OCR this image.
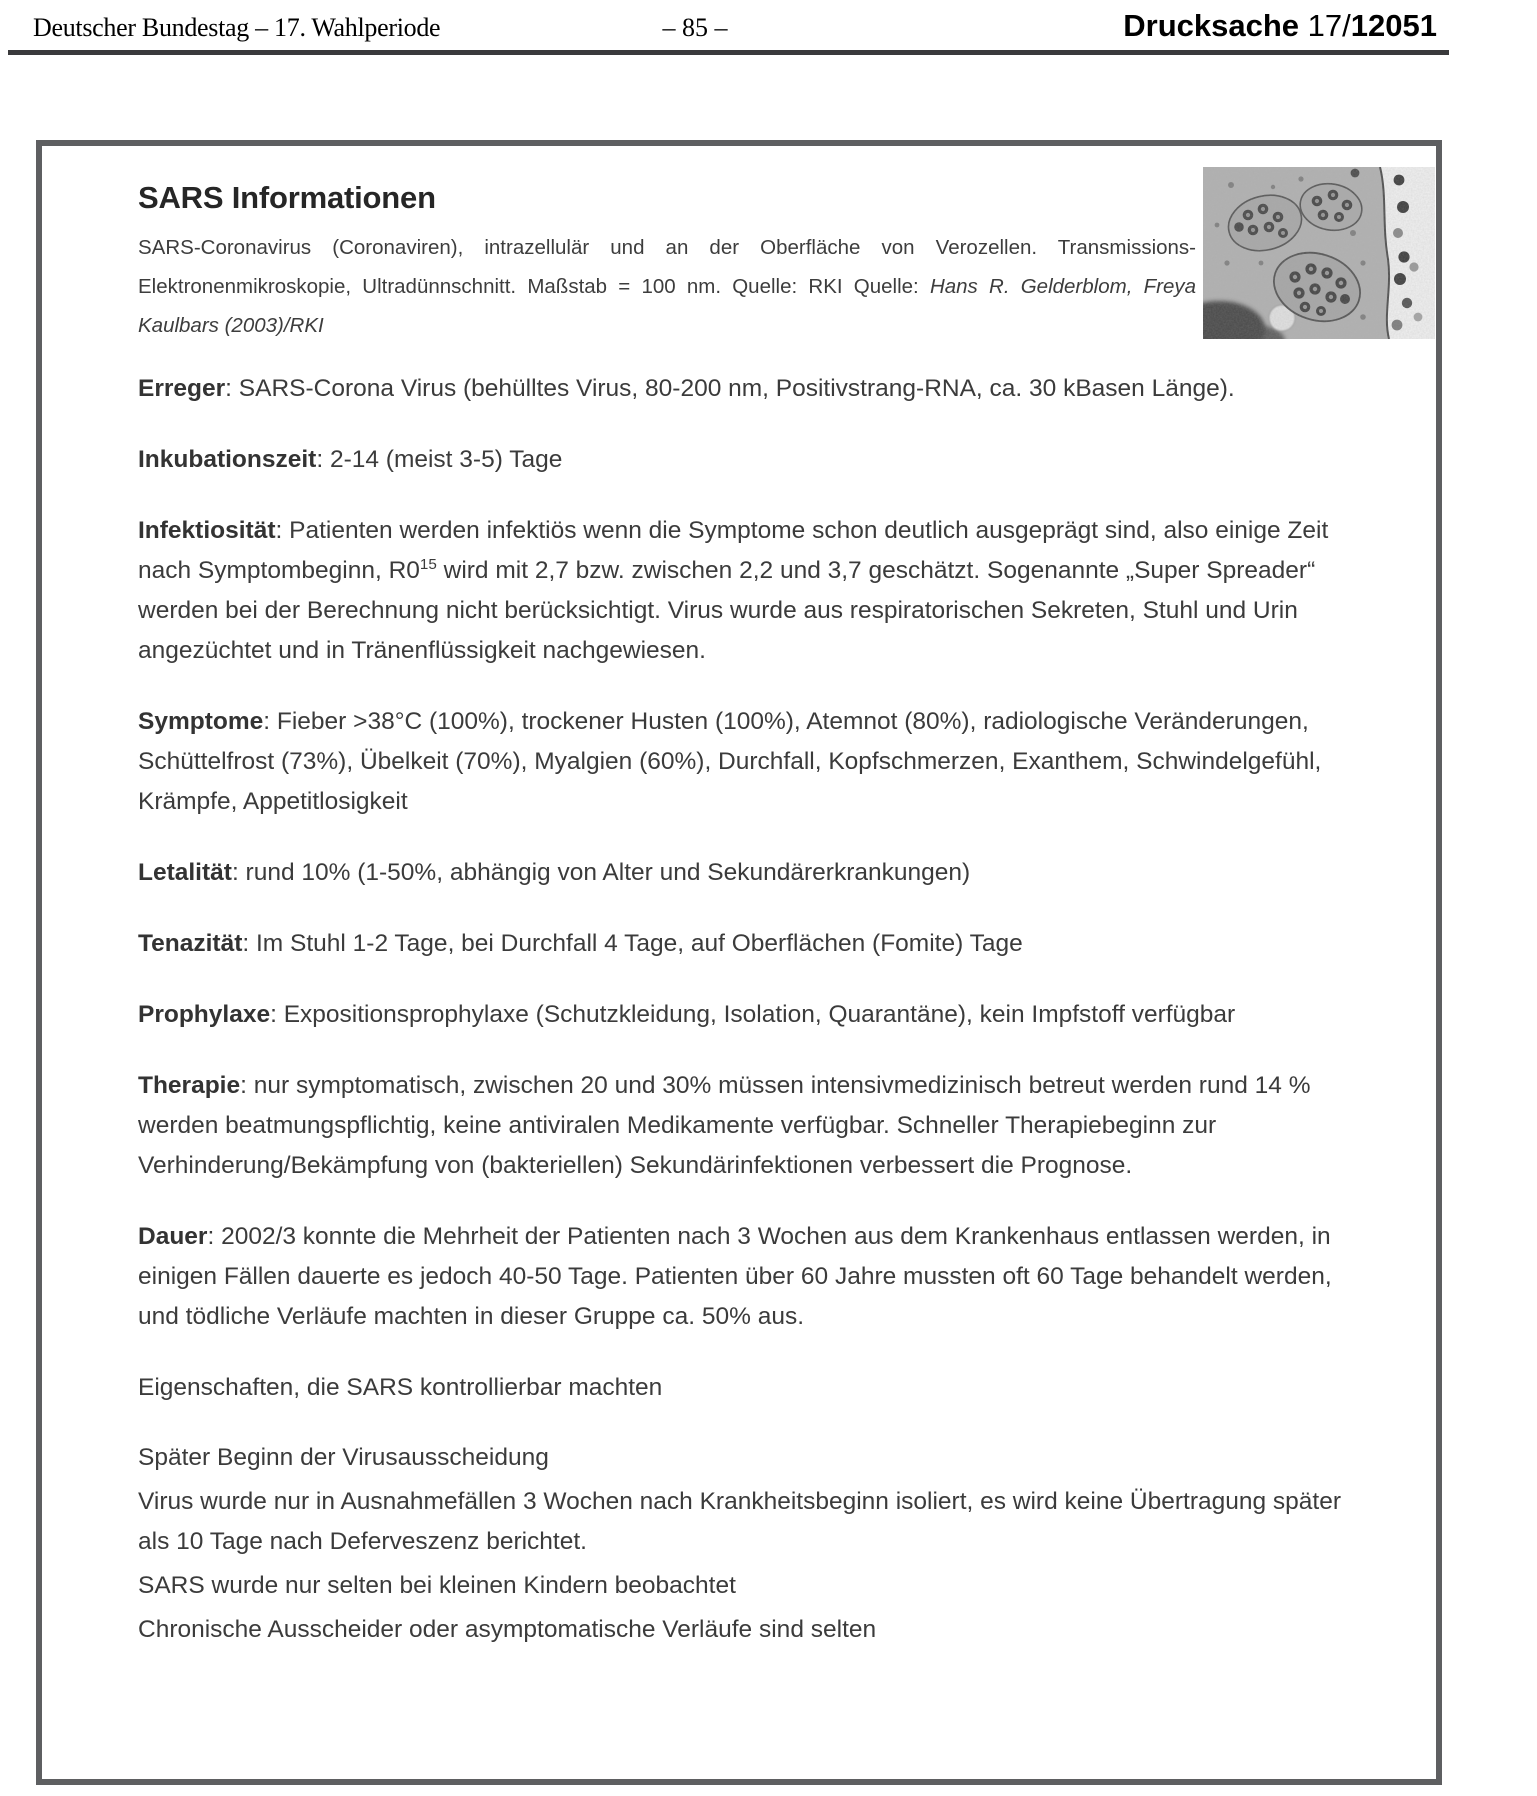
Deutscher Bundestag – 17. Wahlperiode	– 85 –	Drucksache 17/12051
SARS Informationen

SARS-Coronavirus (Coronaviren), intrazellulär und an der Oberfläche von Verozellen. Transmissions-Elektronenmikroskopie, Ultradünnschnitt. Maßstab = 100 nm. Quelle: RKI Quelle: Hans R. Gelderblom, Freya Kaulbars (2003)/RKI

Erreger: SARS-Corona Virus (behülltes Virus, 80-200 nm, Positivstrang-RNA, ca. 30 kBasen Länge).

Inkubationszeit: 2-14 (meist 3-5) Tage

Infektiosität: Patienten werden infektiös wenn die Symptome schon deutlich ausgeprägt sind, also einige Zeit nach Symptombeginn, $R0^{15}$ wird mit 2,7 bzw. zwischen 2,2 und 3,7 geschätzt. Sogenannte „Super Spreader“ werden bei der Berechnung nicht berücksichtigt. Virus wurde aus respiratorischen Sekreten, Stuhl und Urin angezüchtet und in Tränenflüssigkeit nachgewiesen.

Symptome: Fieber >38°C (100%), trockener Husten (100%), Atemnot (80%), radiologische Veränderungen, Schüttelfrost (73%), Übelkeit (70%), Myalgien (60%), Durchfall, Kopfschmerzen, Exanthem, Schwindelgefühl, Krämpfe, Appetitlosigkeit

Letalität: rund 10% (1-50%, abhängig von Alter und Sekundärerkrankungen)

Tenazität: Im Stuhl 1-2 Tage, bei Durchfall 4 Tage, auf Oberflächen (Fomite) Tage

Prophylaxe: Expositionsprophylaxe (Schutzkleidung, Isolation, Quarantäne), kein Impfstoff verfügbar

Therapie: nur symptomatisch, zwischen 20 und 30% müssen intensivmedizinisch betreut werden rund 14 % werden beatmungspflichtig, keine antiviralen Medikamente verfügbar. Schneller Therapiebeginn zur Verhinderung/Bekämpfung von (bakteriellen) Sekundärinfektionen verbessert die Prognose.

Dauer: 2002/3 konnte die Mehrheit der Patienten nach 3 Wochen aus dem Krankenhaus entlassen werden, in einigen Fällen dauerte es jedoch 40-50 Tage. Patienten über 60 Jahre mussten oft 60 Tage behandelt werden, und tödliche Verläufe machten in dieser Gruppe ca. 50% aus.

Eigenschaften, die SARS kontrollierbar machten

Später Beginn der Virusausscheidung

Virus wurde nur in Ausnahmefällen 3 Wochen nach Krankheitsbeginn isoliert, es wird keine Übertragung später als 10 Tage nach Deferveszenz berichtet.

SARS wurde nur selten bei kleinen Kindern beobachtet

Chronische Ausscheider oder asymptomatische Verläufe sind selten
